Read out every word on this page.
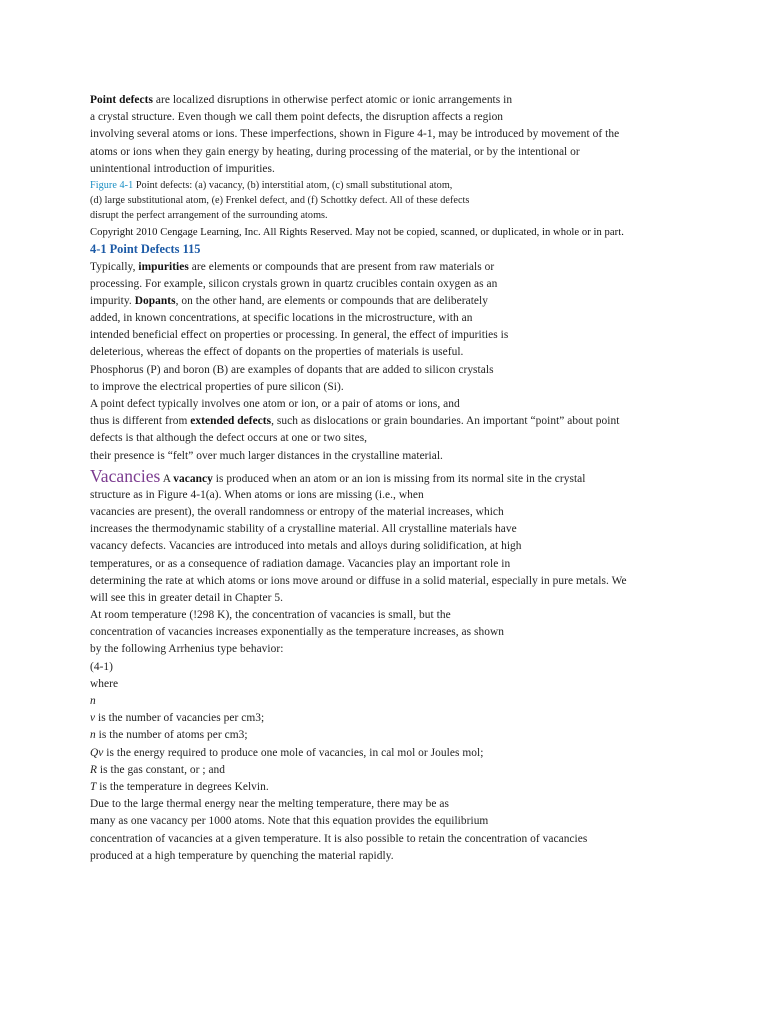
Point defects are localized disruptions in otherwise perfect atomic or ionic arrangements in
a crystal structure. Even though we call them point defects, the disruption affects a region
involving several atoms or ions. These imperfections, shown in Figure 4-1, may be introduced by movement of the
atoms or ions when they gain energy by heating, during processing of the material, or by the intentional or
unintentional introduction of impurities.
Figure 4-1 Point defects: (a) vacancy, (b) interstitial atom, (c) small substitutional atom,
(d) large substitutional atom, (e) Frenkel defect, and (f) Schottky defect. All of these defects
disrupt the perfect arrangement of the surrounding atoms.
Copyright 2010 Cengage Learning, Inc. All Rights Reserved. May not be copied, scanned, or duplicated, in whole or in part.
4-1 Point Defects 115
Typically, impurities are elements or compounds that are present from raw materials or
processing. For example, silicon crystals grown in quartz crucibles contain oxygen as an
impurity. Dopants, on the other hand, are elements or compounds that are deliberately
added, in known concentrations, at specific locations in the microstructure, with an
intended beneficial effect on properties or processing. In general, the effect of impurities is
deleterious, whereas the effect of dopants on the properties of materials is useful.
Phosphorus (P) and boron (B) are examples of dopants that are added to silicon crystals
to improve the electrical properties of pure silicon (Si).
A point defect typically involves one atom or ion, or a pair of atoms or ions, and
thus is different from extended defects, such as dislocations or grain boundaries. An important “point” about point
defects is that although the defect occurs at one or two sites,
their presence is “felt” over much larger distances in the crystalline material.
Vacancies A vacancy is produced when an atom or an ion is missing from its normal site in the crystal
structure as in Figure 4-1(a). When atoms or ions are missing (i.e., when
vacancies are present), the overall randomness or entropy of the material increases, which
increases the thermodynamic stability of a crystalline material. All crystalline materials have
vacancy defects. Vacancies are introduced into metals and alloys during solidification, at high
temperatures, or as a consequence of radiation damage. Vacancies play an important role in
determining the rate at which atoms or ions move around or diffuse in a solid material, especially in pure metals. We
will see this in greater detail in Chapter 5.
At room temperature (!298 K), the concentration of vacancies is small, but the
concentration of vacancies increases exponentially as the temperature increases, as shown
by the following Arrhenius type behavior:
(4-1)
where
n
v is the number of vacancies per cm3;
n is the number of atoms per cm3;
Qv is the energy required to produce one mole of vacancies, in cal mol or Joules mol;
R is the gas constant, or ; and
T is the temperature in degrees Kelvin.
Due to the large thermal energy near the melting temperature, there may be as
many as one vacancy per 1000 atoms. Note that this equation provides the equilibrium
concentration of vacancies at a given temperature. It is also possible to retain the concentration of vacancies
produced at a high temperature by quenching the material rapidly.
